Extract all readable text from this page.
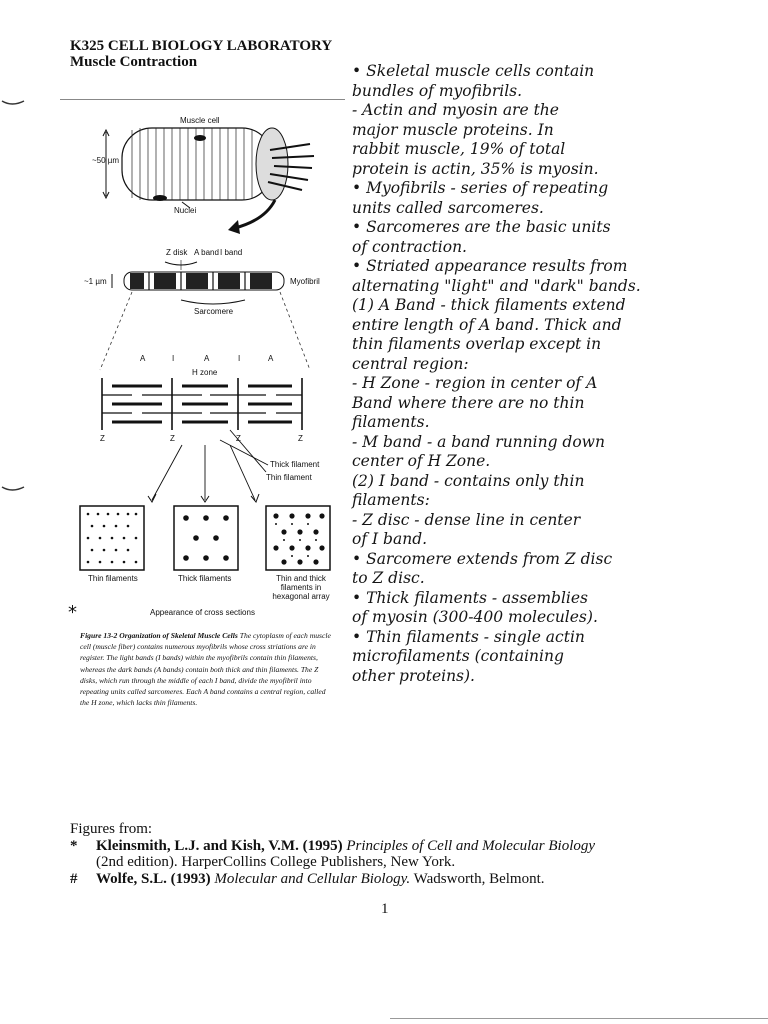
K325 CELL BIOLOGY LABORATORY
Muscle Contraction
Muscle cell
~50 µm
Nuclei
Z disk A band I band
~1 µm	Myofibril
Sarcomere
A	I	A	I	A
H zone
Z	Z	Z	Z
Thick filament
Thin filament
Thin filaments	Thick filaments	Thin and thick filaments in hexagonal array
*	Appearance of cross sections
Figure 13-2 Organization of Skeletal Muscle Cells The cytoplasm of each muscle cell (muscle fiber) contains numerous myofibrils whose cross striations are in register. The light bands (I bands) within the myofibrils contain thin filaments, whereas the dark bands (A bands) contain both thick and thin filaments. The Z disks, which run through the middle of each I band, divide the myofibril into repeating units called sarcomeres. Each A band contains a central region, called the H zone, which lacks thin filaments.
• Skeletal muscle cells contain
bundles of myofibrils.
- Actin and myosin are the
major muscle proteins. In
rabbit muscle, 19% of total
protein is actin, 35% is myosin.
• Myofibrils - series of repeating
units called sarcomeres.
• Sarcomeres are the basic units
of contraction.
• Striated appearance results from
alternating "light" and "dark" bands.
(1) A Band - thick filaments extend
entire length of A band. Thick and
thin filaments overlap except in
central region:
- H Zone - region in center of A
Band where there are no thin
filaments.
- M band - a band running down
center of H Zone.
(2) I band - contains only thin
filaments:
- Z disc - dense line in center
of I band.
• Sarcomere extends from Z disc
to Z disc.
• Thick filaments - assemblies
of myosin (300-400 molecules).
• Thin filaments - single actin
microfilaments (containing
other proteins).
Figures from:
* Kleinsmith, L.J. and Kish, V.M. (1995) Principles of Cell and Molecular Biology
(2nd edition). HarperCollins College Publishers, New York.
# Wolfe, S.L. (1993) Molecular and Cellular Biology. Wadsworth, Belmont.
1
